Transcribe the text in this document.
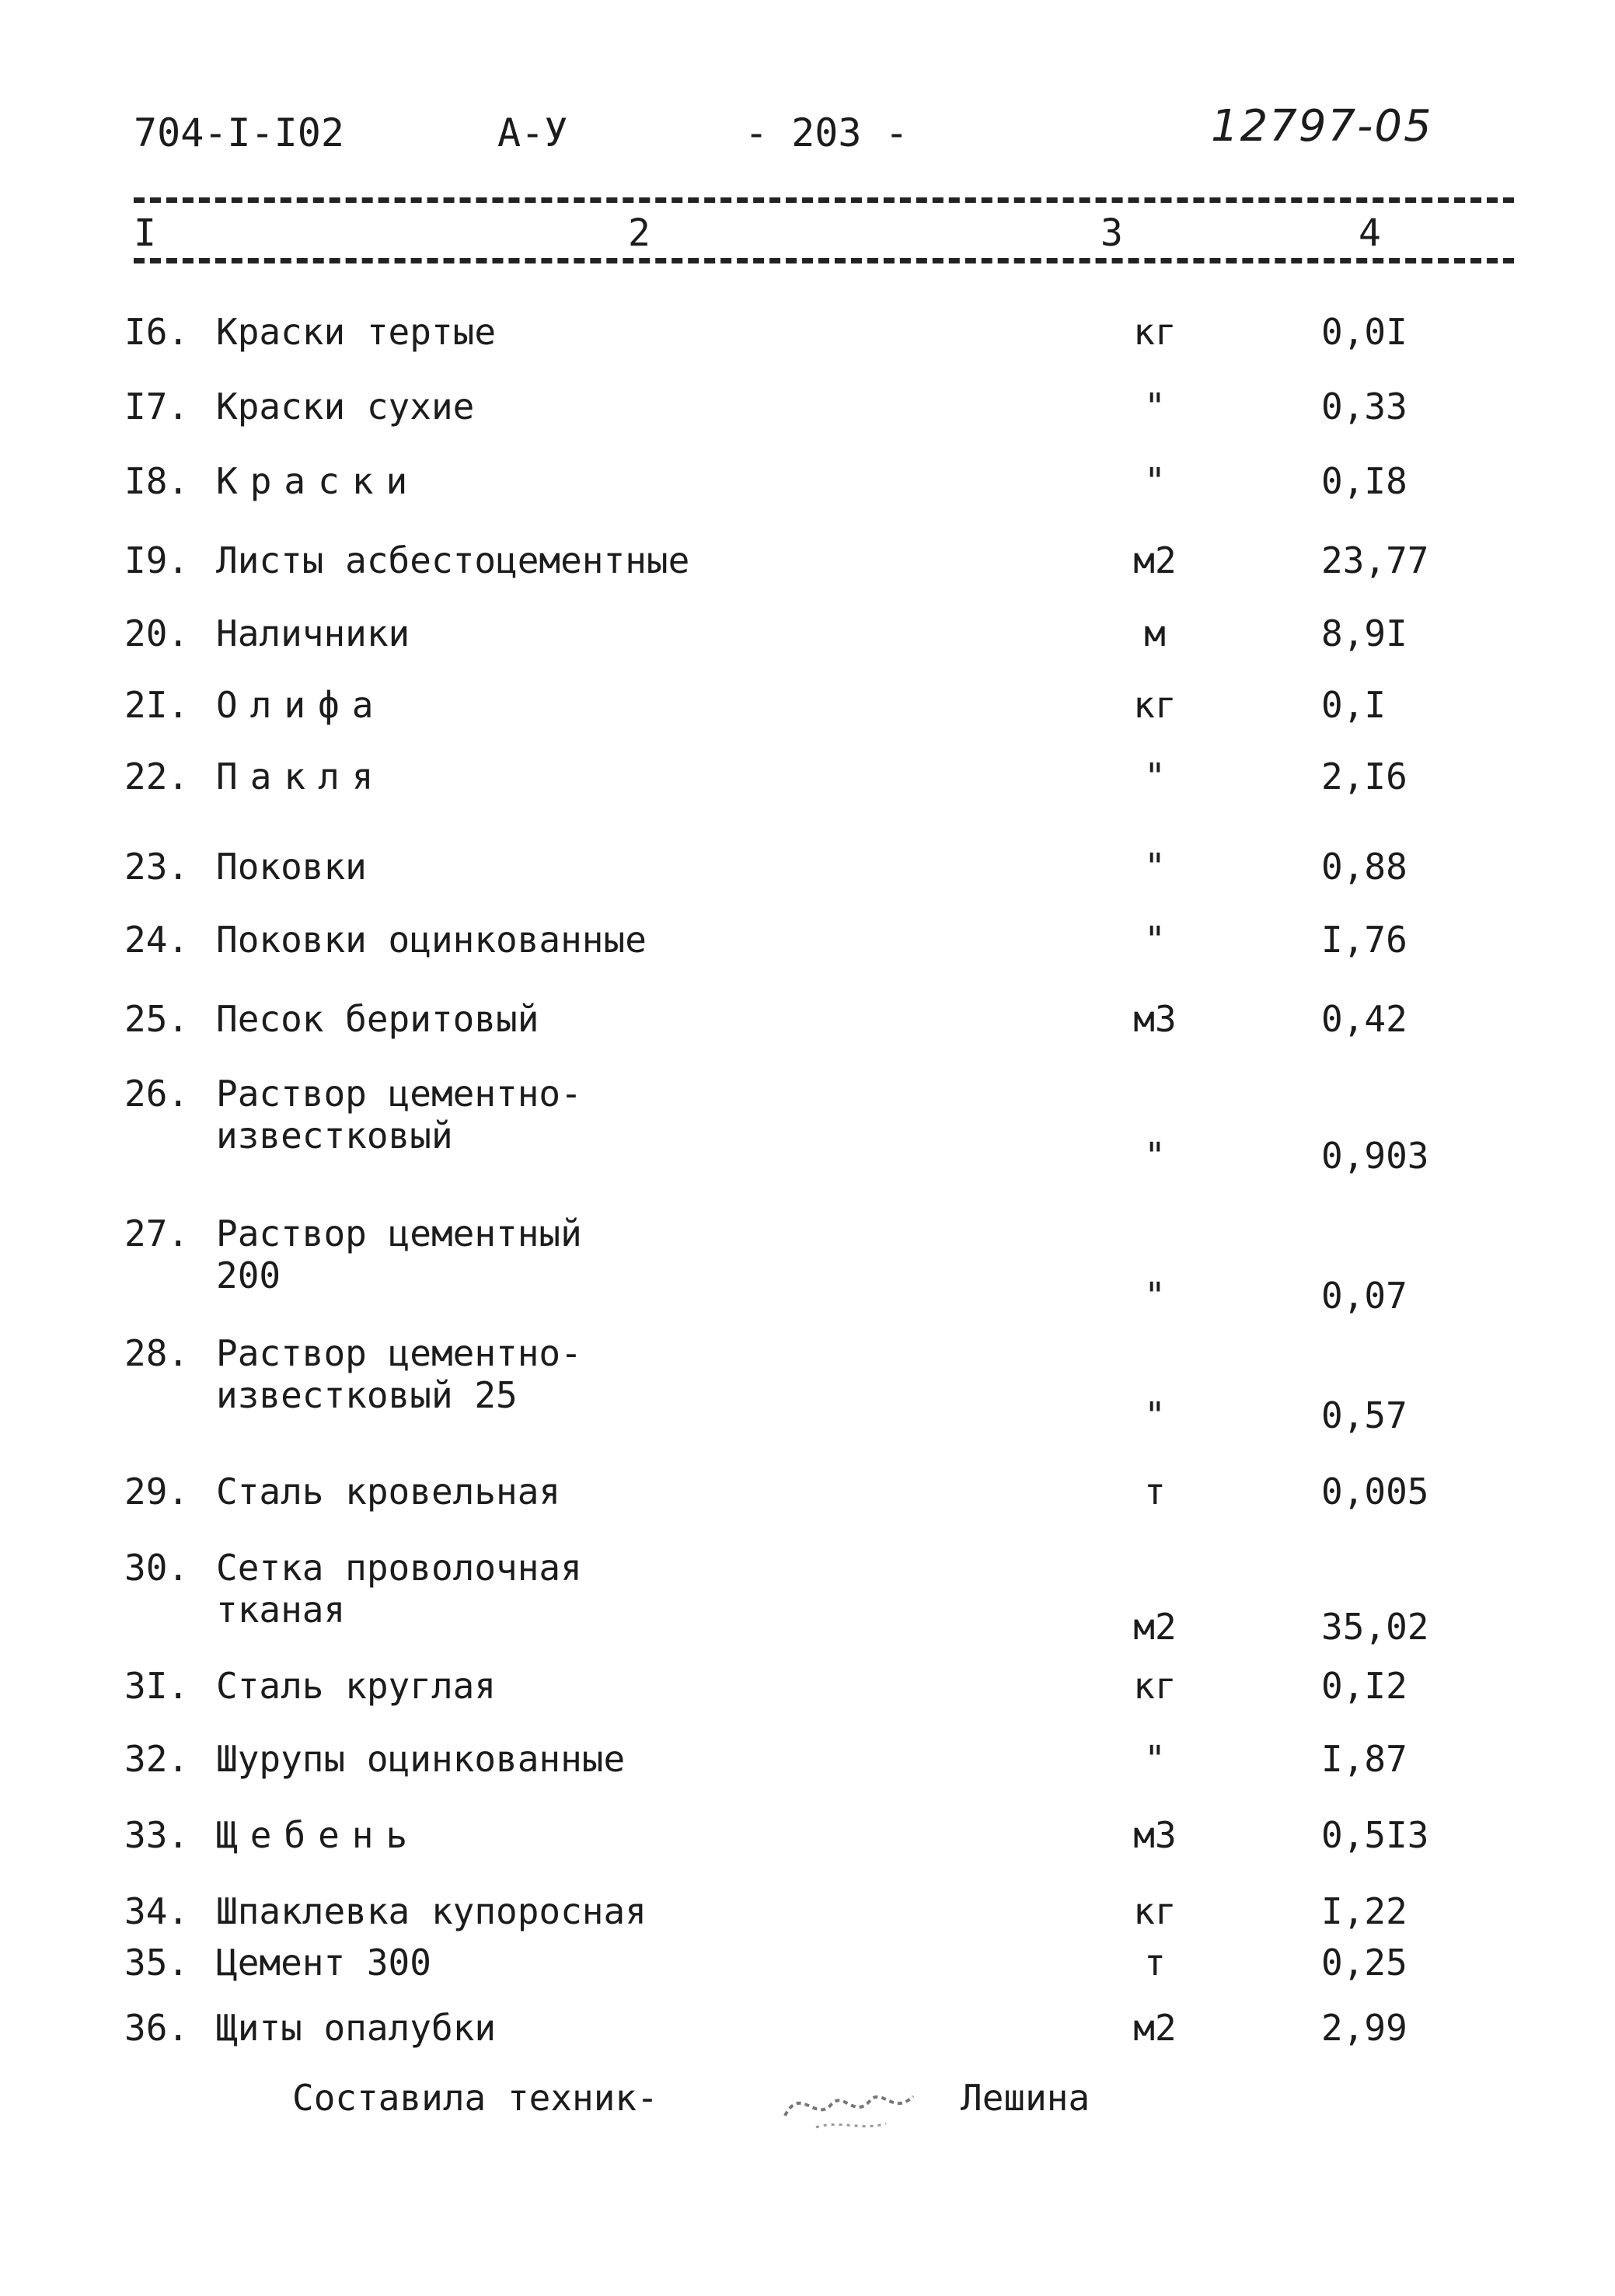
704-I-I02	А-У	- 203 -	12797-05
I	2	3	4
I6. Краски тертые	кг	0,0I
I7. Краски сухие	"	0,33
I8. Краски	"	0,I8
I9. Листы асбестоцементные	м2	23,77
20. Наличники	м	8,9I
2I. Олифа	кг	0,I
22. Пакля	"	2,I6
23. Поковки	"	0,88
24. Поковки оцинкованные	"	I,76
25. Песок беритовый	м3	0,42
26. Раствор цементно-
известковый	"	0,903
27. Раствор цементный
200	"	0,07
28. Раствор цементно-
известковый 25	"	0,57
29. Сталь кровельная	т	0,005
30. Сетка проволочная
тканая	м2	35,02
3I. Сталь круглая	кг	0,I2
32. Шурупы оцинкованные	"	I,87
33. Щебень	м3	0,5I3
34. Шпаклевка купоросная	кг	I,22
35. Цемент 300	т	0,25
36. Щиты опалубки	м2	2,99
Составила техник-	Лешина
